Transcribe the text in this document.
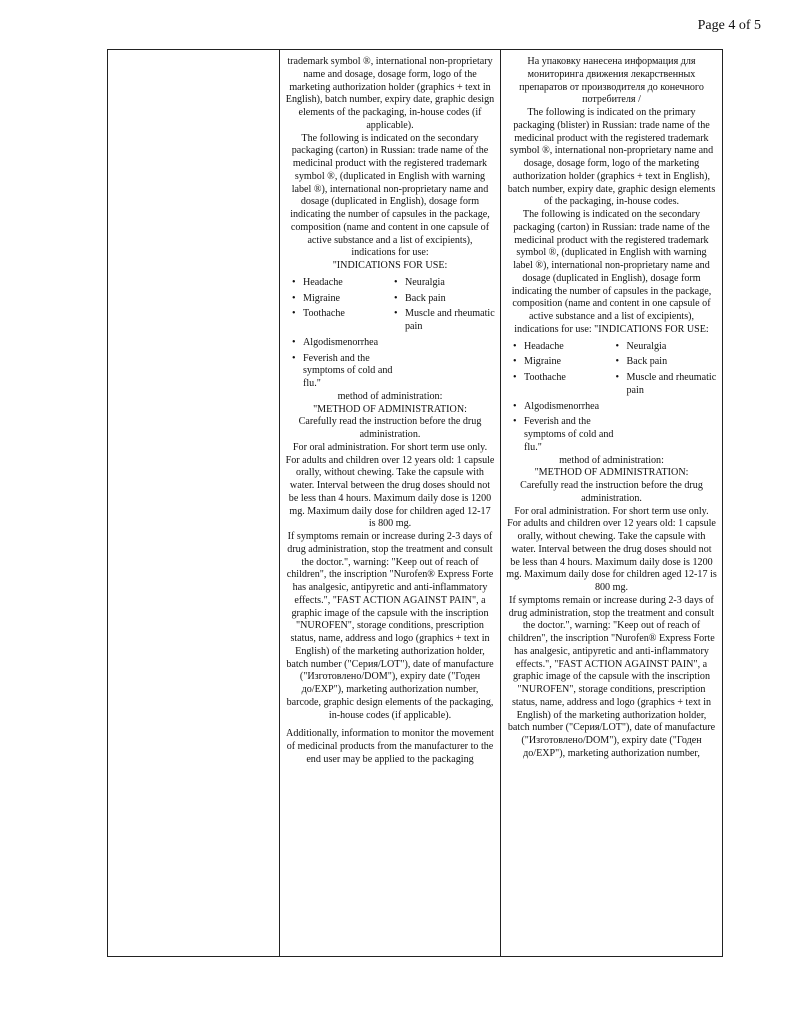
Page 4 of 5

trademark symbol ®, international non-proprietary name and dosage, dosage form, logo of the marketing authorization holder (graphics + text in English), batch number, expiry date, graphic design elements of the packaging, in-house codes (if applicable).

The following is indicated on the secondary packaging (carton) in Russian: trade name of the medicinal product with the registered trademark symbol ®, (duplicated in English with warning label ®), international non-proprietary name and dosage (duplicated in English), dosage form indicating the number of capsules in the package, composition (name and content in one capsule of active substance and a list of excipients), indications for use:

"INDICATIONS FOR USE:

• Headache	• Neuralgia
• Migraine	• Back pain
• Toothache	• Muscle and rheumatic pain
• Algodismenorrhea
• Feverish and the symptoms of cold and flu."

method of administration:

"METHOD OF ADMINISTRATION:

Carefully read the instruction before the drug administration.

For oral administration. For short term use only.

For adults and children over 12 years old: 1 capsule orally, without chewing. Take the capsule with water. Interval between the drug doses should not be less than 4 hours. Maximum daily dose is 1200 mg. Maximum daily dose for children aged 12-17 is 800 mg.

If symptoms remain or increase during 2-3 days of drug administration, stop the treatment and consult the doctor.", warning: "Keep out of reach of children", the inscription "Nurofen® Express Forte has analgesic, antipyretic and anti-inflammatory effects.", "FAST ACTION AGAINST PAIN", a graphic image of the capsule with the inscription "NUROFEN", storage conditions, prescription status, name, address and logo (graphics + text in English) of the marketing authorization holder, batch number ("Серия/LOT"), date of manufacture ("Изготовлено/DOM"), expiry date ("Годен до/EXP"), marketing authorization number, barcode, graphic design elements of the packaging, in-house codes (if applicable).

Additionally, information to monitor the movement of medicinal products from the manufacturer to the end user may be applied to the packaging

На упаковку нанесена информация для мониторинга движения лекарственных препаратов от производителя до конечного потребителя /

The following is indicated on the primary packaging (blister) in Russian: trade name of the medicinal product with the registered trademark symbol ®, international non-proprietary name and dosage, dosage form, logo of the marketing authorization holder (graphics + text in English), batch number, expiry date, graphic design elements of the packaging, in-house codes.

The following is indicated on the secondary packaging (carton) in Russian: trade name of the medicinal product with the registered trademark symbol ®, (duplicated in English with warning label ®), international non-proprietary name and dosage (duplicated in English), dosage form indicating the number of capsules in the package, composition (name and content in one capsule of active substance and a list of excipients), indications for use: "INDICATIONS FOR USE:

• Headache	• Neuralgia
• Migraine	• Back pain
• Toothache	• Muscle and rheumatic pain
• Algodismenorrhea
• Feverish and the symptoms of cold and flu."

method of administration:

"METHOD OF ADMINISTRATION:

Carefully read the instruction before the drug administration.

For oral administration. For short term use only.

For adults and children over 12 years old: 1 capsule orally, without chewing. Take the capsule with water. Interval between the drug doses should not be less than 4 hours. Maximum daily dose is 1200 mg. Maximum daily dose for children aged 12-17 is 800 mg.

If symptoms remain or increase during 2-3 days of drug administration, stop the treatment and consult the doctor.", warning: "Keep out of reach of children", the inscription "Nurofen® Express Forte has analgesic, antipyretic and anti-inflammatory effects.", "FAST ACTION AGAINST PAIN", a graphic image of the capsule with the inscription "NUROFEN", storage conditions, prescription status, name, address and logo (graphics + text in English) of the marketing authorization holder, batch number ("Серия/LOT"), date of manufacture ("Изготовлено/DOM"), expiry date ("Годен до/EXP"), marketing authorization number,
